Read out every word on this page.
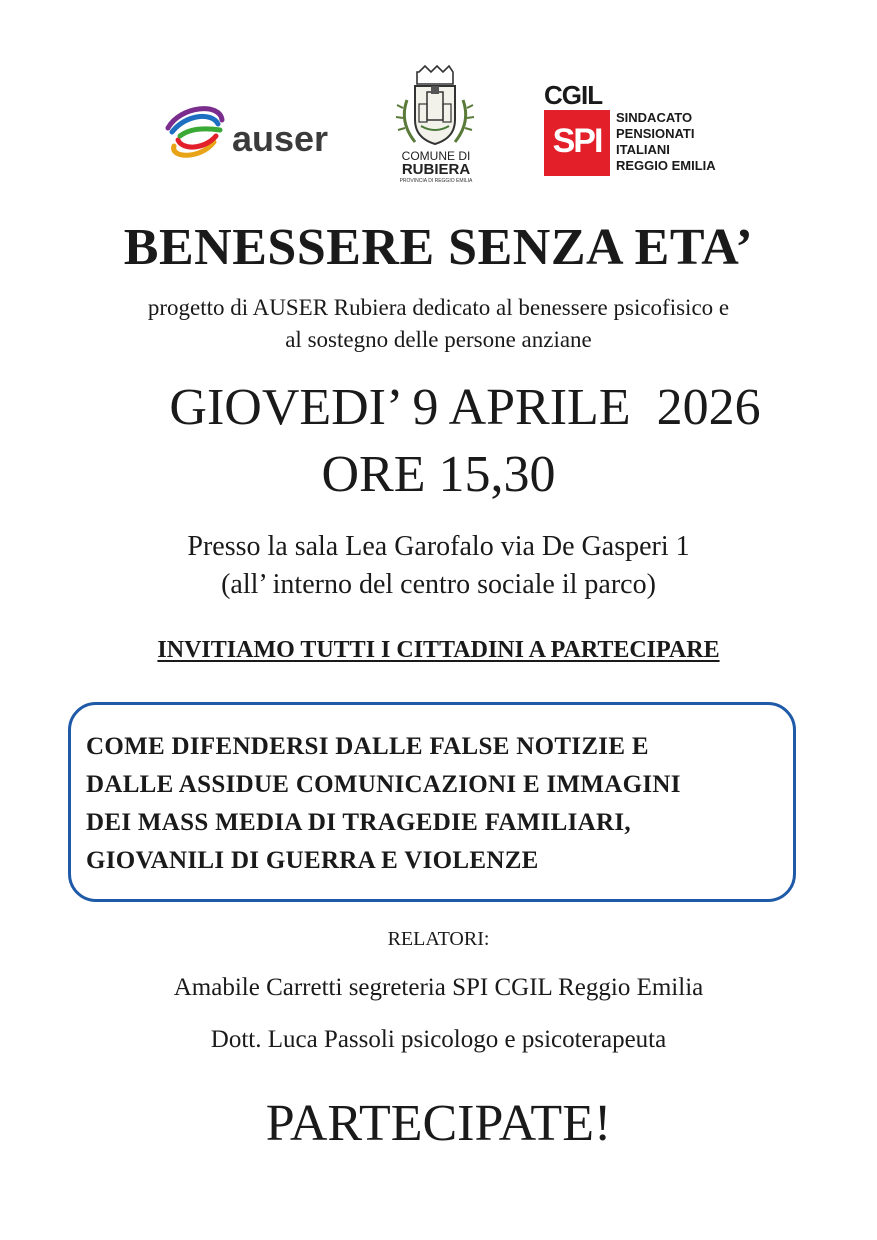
auser	COMUNE DI
RUBIERA
PROVINCIA DI REGGIO EMILIA
CGIL
SPI
SINDACATO
PENSIONATI
ITALIANI
REGGIO EMILIA
BENESSERE SENZA ETA’
progetto di AUSER Rubiera dedicato al benessere psicofisico e
al sostegno delle persone anziane
GIOVEDI’ 9 APRILE  2026
ORE 15,30
Presso la sala Lea Garofalo via De Gasperi 1
(all’ interno del centro sociale il parco)
INVITIAMO TUTTI I CITTADINI A PARTECIPARE
COME DIFENDERSI DALLE FALSE NOTIZIE E
DALLE ASSIDUE COMUNICAZIONI E IMMAGINI
DEI MASS MEDIA DI TRAGEDIE FAMILIARI,
GIOVANILI DI GUERRA E VIOLENZE
RELATORI:
Amabile Carretti segreteria SPI CGIL Reggio Emilia
Dott. Luca Passoli psicologo e psicoterapeuta
PARTECIPATE!
